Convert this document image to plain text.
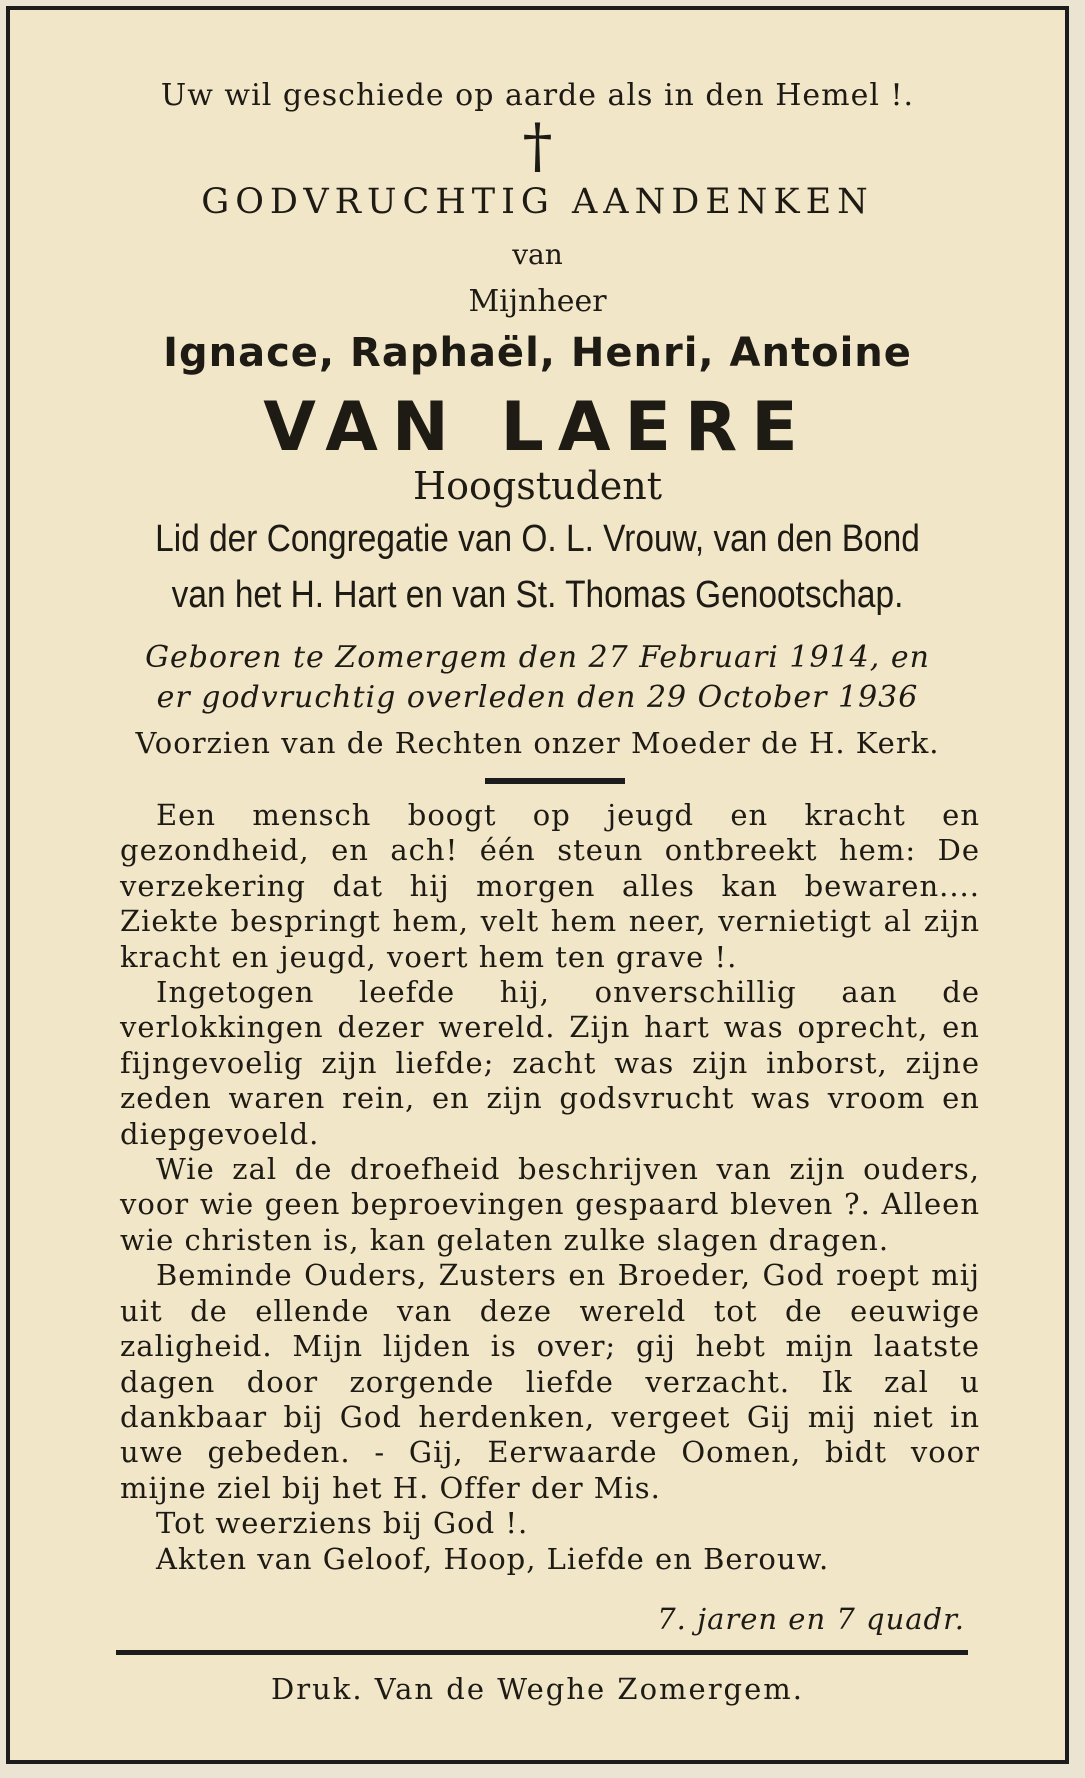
Uw wil geschiede op aarde als in den Hemel !.
†
GODVRUCHTIG AANDENKEN
van
Mijnheer
Ignace, Raphaël, Henri, Antoine
VAN LAERE
Hoogstudent
Lid der Congregatie van O. L. Vrouw, van den Bond
van het H. Hart en van St. Thomas Genootschap.
Geboren te Zomergem den 27 Februari 1914, en
er godvruchtig overleden den 29 October 1936
Voorzien van de Rechten onzer Moeder de H. Kerk.

Een mensch boogt op jeugd en kracht en gezondheid, en ach! één steun ontbreekt hem: De verzekering dat hij morgen alles kan bewaren.... Ziekte bespringt hem, velt hem neer, vernietigt al zijn kracht en jeugd, voert hem ten grave !.

Ingetogen leefde hij, onverschillig aan de verlokkingen dezer wereld. Zijn hart was oprecht, en fijngevoelig zijn liefde; zacht was zijn inborst, zijne zeden waren rein, en zijn godsvrucht was vroom en diepgevoeld.

Wie zal de droefheid beschrijven van zijn ouders, voor wie geen beproevingen gespaard bleven ?. Alleen wie christen is, kan gelaten zulke slagen dragen.

Beminde Ouders, Zusters en Broeder, God roept mij uit de ellende van deze wereld tot de eeuwige zaligheid. Mijn lijden is over; gij hebt mijn laatste dagen door zorgende liefde verzacht. Ik zal u dankbaar bij God herdenken, vergeet Gij mij niet in uwe gebeden. - Gij, Eerwaarde Oomen, bidt voor mijne ziel bij het H. Offer der Mis.

Tot weerziens bij God !.

Akten van Geloof, Hoop, Liefde en Berouw.

7. jaren en 7 quadr.
Druk. Van de Weghe Zomergem.
